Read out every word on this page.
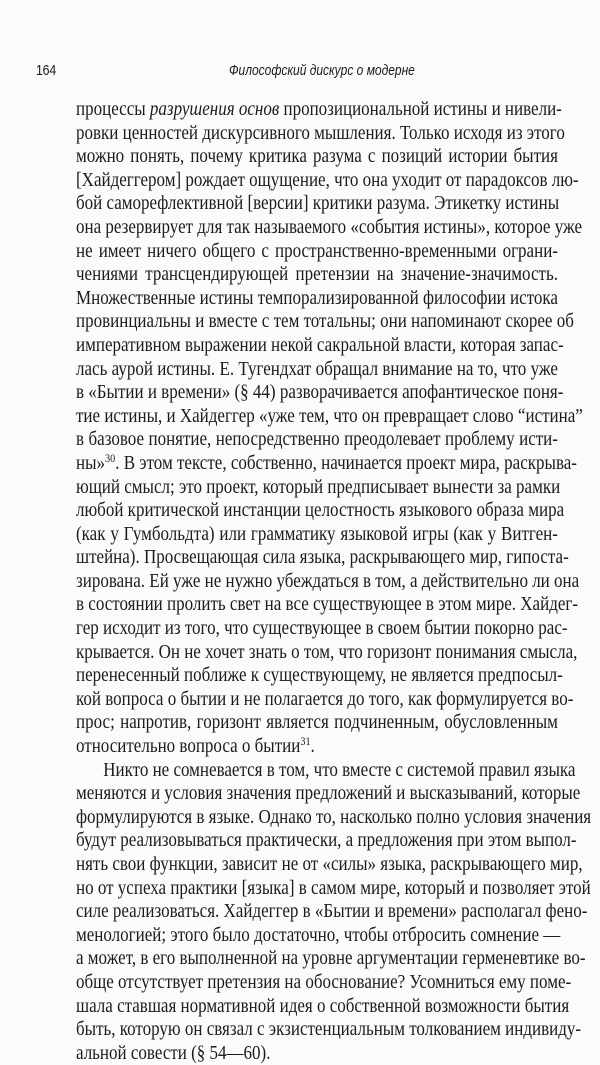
164	Философский дискурс о модерне

процессы разрушения основ пропозициональной истины и нивели-
ровки ценностей дискурсивного мышления. Только исходя из этого
можно понять, почему критика разума с позиций истории бытия
[Хайдеггером] рождает ощущение, что она уходит от парадоксов лю-
бой саморефлективной [версии] критики разума. Этикетку истины
она резервирует для так называемого «события истины», которое уже
не имеет ничего общего с пространственно-временными ограни-
чениями трансцендирующей претензии на значение-значимость.
Множественные истины темпорализированной философии истока
провинциальны и вместе с тем тотальны; они напоминают скорее об
императивном выражении некой сакральной власти, которая запас-
лась аурой истины. Е. Тугендхат обращал внимание на то, что уже
в «Бытии и времени» (§ 44) разворачивается апофантическое поня-
тие истины, и Хайдеггер «уже тем, что он превращает слово “истина”
в базовое понятие, непосредственно преодолевает проблему исти-
ны»$^{30}$. В этом тексте, собственно, начинается проект мира, раскрыва-
ющий смысл; это проект, который предписывает вынести за рамки
любой критической инстанции целостность языкового образа мира
(как у Гумбольдта) или грамматику языковой игры (как у Витген-
штейна). Просвещающая сила языка, раскрывающего мир, гипоста-
зирована. Ей уже не нужно убеждаться в том, а действительно ли она
в состоянии пролить свет на все существующее в этом мире. Хайдег-
гер исходит из того, что существующее в своем бытии покорно рас-
крывается. Он не хочет знать о том, что горизонт понимания смысла,
перенесенный поближе к существующему, не является предпосыл-
кой вопроса о бытии и не полагается до того, как формулируется во-
прос; напротив, горизонт является подчиненным, обусловленным
относительно вопроса о бытии$^{31}$.

Никто не сомневается в том, что вместе с системой правил языка
меняются и условия значения предложений и высказываний, которые
формулируются в языке. Однако то, насколько полно условия значения
будут реализовываться практически, а предложения при этом выпол-
нять свои функции, зависит не от «силы» языка, раскрывающего мир,
но от успеха практики [языка] в самом мире, который и позволяет этой
силе реализоваться. Хайдеггер в «Бытии и времени» располагал фено-
менологией; этого было достаточно, чтобы отбросить сомнение —
а может, в его выполненной на уровне аргументации герменевтике во-
обще отсутствует претензия на обоснование? Усомниться ему поме-
шала ставшая нормативной идея о собственной возможности бытия
быть, которую он связал с экзистенциальным толкованием индивиду-
альной совести (§ 54—60).
